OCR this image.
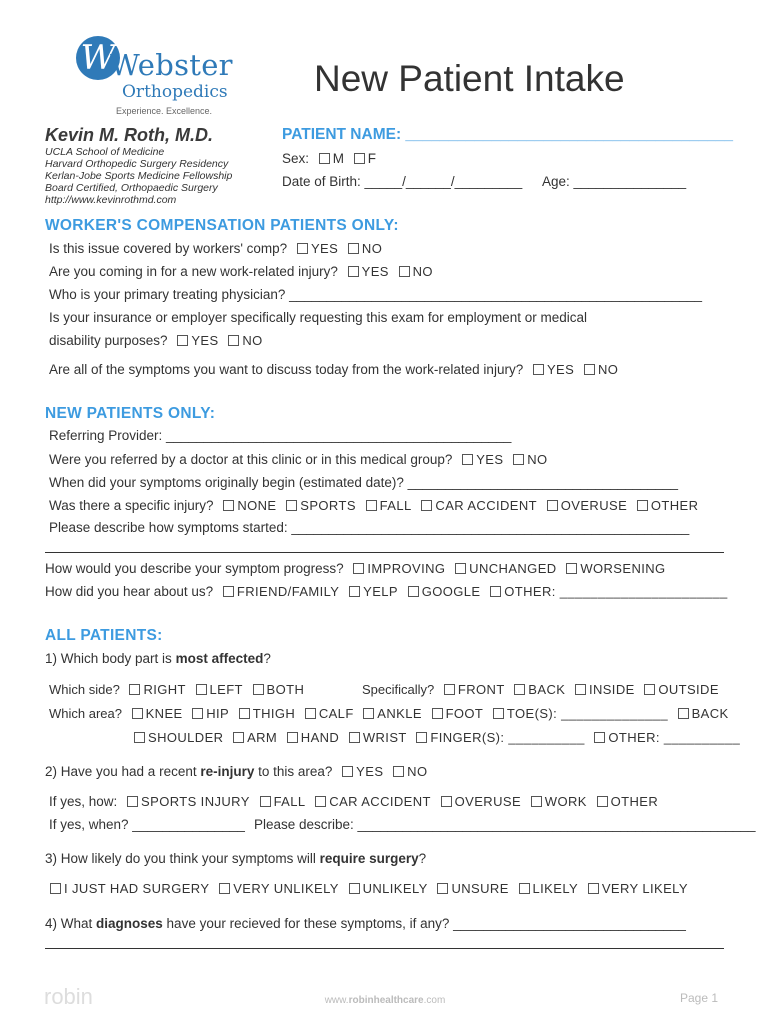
W
Webster
Orthopedics
Experience. Excellence.
New Patient Intake
Kevin M. Roth, M.D.
UCLA School of Medicine
Harvard Orthopedic Surgery Residency
Kerlan-Jobe Sports Medicine Fellowship
Board Certified, Orthopaedic Surgery
http://www.kevinrothmd.com
PATIENT NAME: ______________________________________
Sex: M F
Date of Birth: _____/______/_________ Age: _______________
WORKER'S COMPENSATION PATIENTS ONLY:
Is this issue covered by workers' comp? YES NO
Are you coming in for a new work-related injury? YES NO
Who is your primary treating physician? _______________________________________________________
Is your insurance or employer specifically requesting this exam for employment or medical
disability purposes? YES NO
Are all of the symptoms you want to discuss today from the work-related injury? YES NO
NEW PATIENTS ONLY:
Referring Provider: ______________________________________________
Were you referred by a doctor at this clinic or in this medical group? YES NO
When did your symptoms originally begin (estimated date)? ____________________________________
Was there a specific injury? NONE SPORTS FALL CAR ACCIDENT OVERUSE OTHER
Please describe how symptoms started: _____________________________________________________
How would you describe your symptom progress? IMPROVING UNCHANGED WORSENING
How did you hear about us? FRIEND/FAMILY YELP GOOGLE OTHER: ______________________
ALL PATIENTS:
1) Which body part is most affected?
Which side? RIGHT LEFT BOTH	Specifically? FRONT BACK INSIDE OUTSIDE
Which area? KNEE HIP THIGH CALF ANKLE FOOT TOE(S): ______________ BACK
SHOULDER ARM HAND WRIST FINGER(S): __________ OTHER: __________
2) Have you had a recent re-injury to this area? YES NO
If yes, how: SPORTS INJURY FALL CAR ACCIDENT OVERUSE WORK OTHER
If yes, when? _______________ Please describe: _____________________________________________________
3) How likely do you think your symptoms will require surgery?
I JUST HAD SURGERY VERY UNLIKELY UNLIKELY UNSURE LIKELY VERY LIKELY
4) What diagnoses have your recieved for these symptoms, if any? _______________________________
robin	www.robinhealthcare.com	Page 1
